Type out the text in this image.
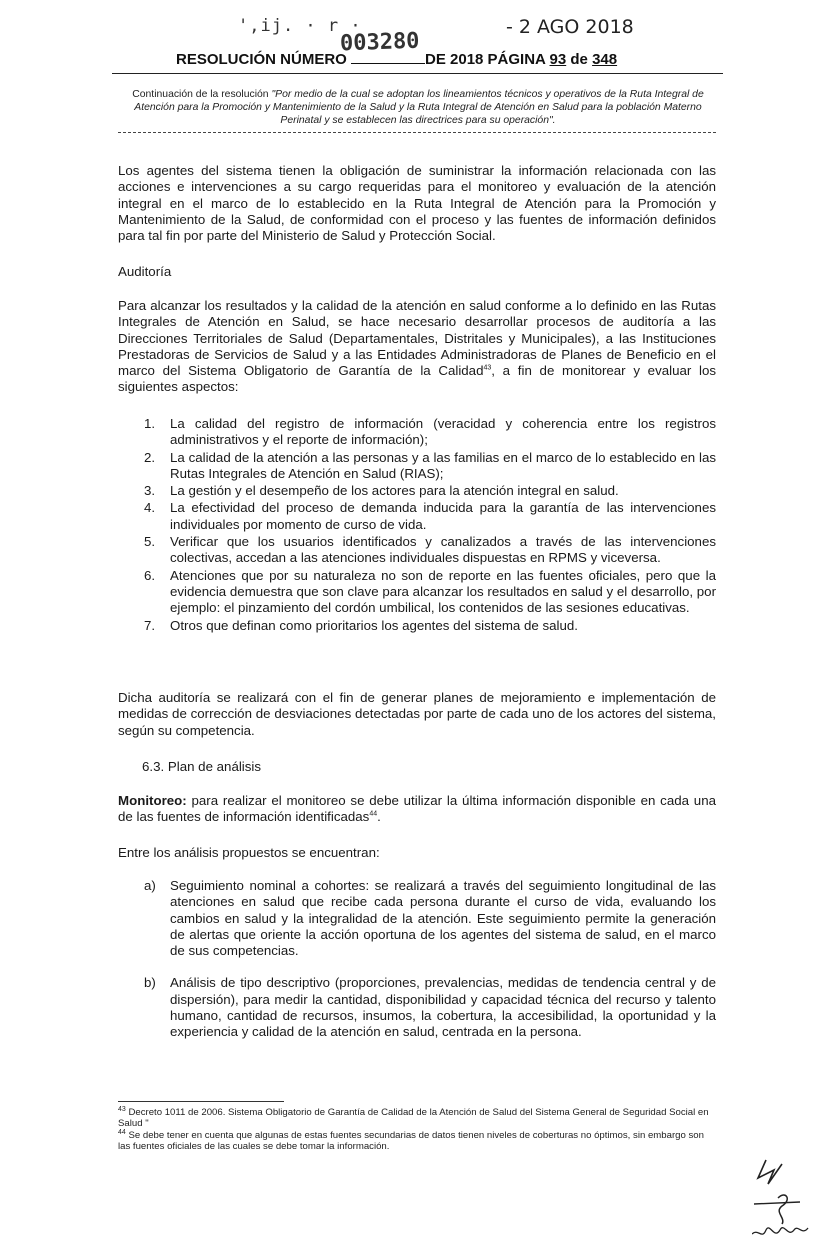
',ij. · r ·	- 2 AGO 2018
003280
RESOLUCIÓN NÚMERO	DE 2018 PÁGINA 93 de 348
Continuación de la resolución "Por medio de la cual se adoptan los lineamientos técnicos y operativos de la Ruta Integral de Atención para la Promoción y Mantenimiento de la Salud y la Ruta Integral de Atención en Salud para la población Materno Perinatal y se establecen las directrices para su operación".

Los agentes del sistema tienen la obligación de suministrar la información relacionada con las acciones e intervenciones a su cargo requeridas para el monitoreo y evaluación de la atención integral en el marco de lo establecido en la Ruta Integral de Atención para la Promoción y Mantenimiento de la Salud, de conformidad con el proceso y las fuentes de información definidos para tal fin por parte del Ministerio de Salud y Protección Social.

Auditoría

Para alcanzar los resultados y la calidad de la atención en salud conforme a lo definido en las Rutas Integrales de Atención en Salud, se hace necesario desarrollar procesos de auditoría a las Direcciones Territoriales de Salud (Departamentales, Distritales y Municipales), a las Instituciones Prestadoras de Servicios de Salud y a las Entidades Administradoras de Planes de Beneficio en el marco del Sistema Obligatorio de Garantía de la Calidad$^{43}$, a fin de monitorear y evaluar los siguientes aspectos:

1. La calidad del registro de información (veracidad y coherencia entre los registros administrativos y el reporte de información);
2. La calidad de la atención a las personas y a las familias en el marco de lo establecido en las Rutas Integrales de Atención en Salud (RIAS);
3. La gestión y el desempeño de los actores para la atención integral en salud.
4. La efectividad del proceso de demanda inducida para la garantía de las intervenciones individuales por momento de curso de vida.
5. Verificar que los usuarios identificados y canalizados a través de las intervenciones colectivas, accedan a las atenciones individuales dispuestas en RPMS y viceversa.
6. Atenciones que por su naturaleza no son de reporte en las fuentes oficiales, pero que la evidencia demuestra que son clave para alcanzar los resultados en salud y el desarrollo, por ejemplo: el pinzamiento del cordón umbilical, los contenidos de las sesiones educativas.
7. Otros que definan como prioritarios los agentes del sistema de salud.

Dicha auditoría se realizará con el fin de generar planes de mejoramiento e implementación de medidas de corrección de desviaciones detectadas por parte de cada uno de los actores del sistema, según su competencia.

6.3. Plan de análisis

Monitoreo: para realizar el monitoreo se debe utilizar la última información disponible en cada una de las fuentes de información identificadas$^{44}$.

Entre los análisis propuestos se encuentran:
a) Seguimiento nominal a cohortes: se realizará a través del seguimiento longitudinal de las atenciones en salud que recibe cada persona durante el curso de vida, evaluando los cambios en salud y la integralidad de la atención. Este seguimiento permite la generación de alertas que oriente la acción oportuna de los agentes del sistema de salud, en el marco de sus competencias.
b) Análisis de tipo descriptivo (proporciones, prevalencias, medidas de tendencia central y de dispersión), para medir la cantidad, disponibilidad y capacidad técnica del recurso y talento humano, cantidad de recursos, insumos, la cobertura, la accesibilidad, la oportunidad y la experiencia y calidad de la atención en salud, centrada en la persona.
$^{43}$ Decreto 1011 de 2006. Sistema Obligatorio de Garantía de Calidad de la Atención de Salud del Sistema General de Seguridad Social en Salud "
$^{44}$ Se debe tener en cuenta que algunas de estas fuentes secundarias de datos tienen niveles de coberturas no óptimos, sin embargo son las fuentes oficiales de las cuales se debe tomar la información.
